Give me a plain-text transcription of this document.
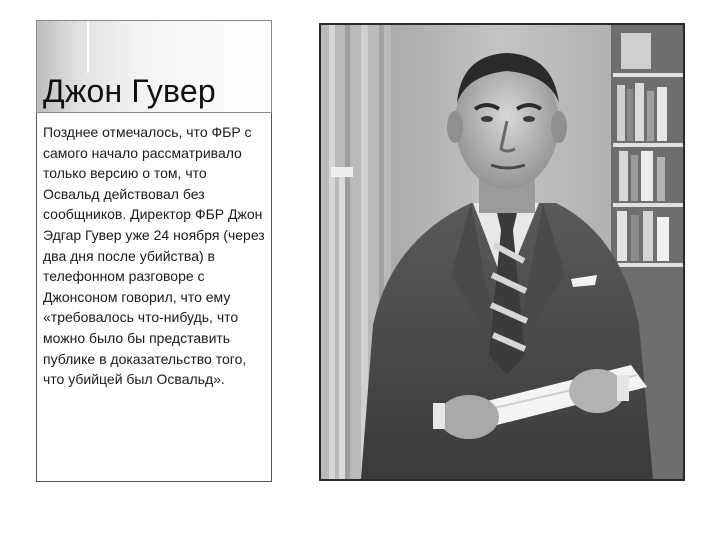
Джон Гувер

Позднее отмечалось, что ФБР с самого начало рассматривало только версию о том, что Освальд действовал без сообщников. Директор ФБР Джон Эдгар Гувер уже 24 ноября (через два дня после убийства) в телефонном разговоре с Джонсоном говорил, что ему «требовалось что-нибудь, что можно было бы представить публике в доказательство того, что убийцей был Освальд».
